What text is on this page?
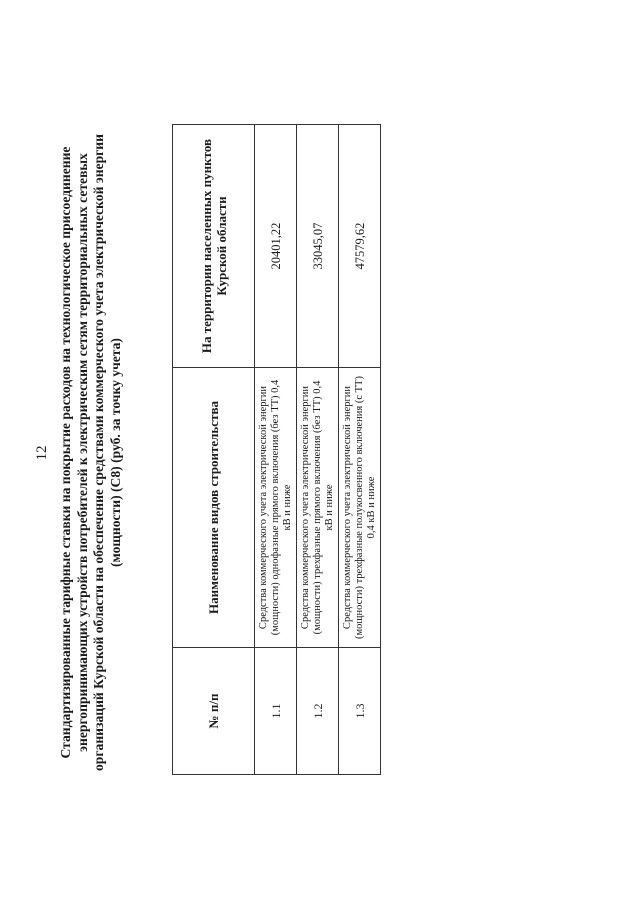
12 Стандартизированные тарифные ставки на покрытие расходов на технологическое присоединение энергопринимающих устройств потребителей к электрическим сетям территориальных сетевых организаций Курской области на обеспечение средствами коммерческого учета электрической энергии (мощности) (С8) (руб. за точку учета)
№ п/п	Наименование видов строительства	На территории населенных пунктов Курской области
1.1	Средства коммерческого учета электрической энергии (мощности) однофазные прямого включения (без ТТ) 0,4 кВ и ниже	20401,22
1.2	Средства коммерческого учета электрической энергии (мощности) трехфазные прямого включения (без ТТ) 0,4 кВ и ниже	33045,07
1.3	Средства коммерческого учета электрической энергии (мощности) трехфазные полукосвенного включения (с ТТ) 0,4 кВ и ниже	47579,62
